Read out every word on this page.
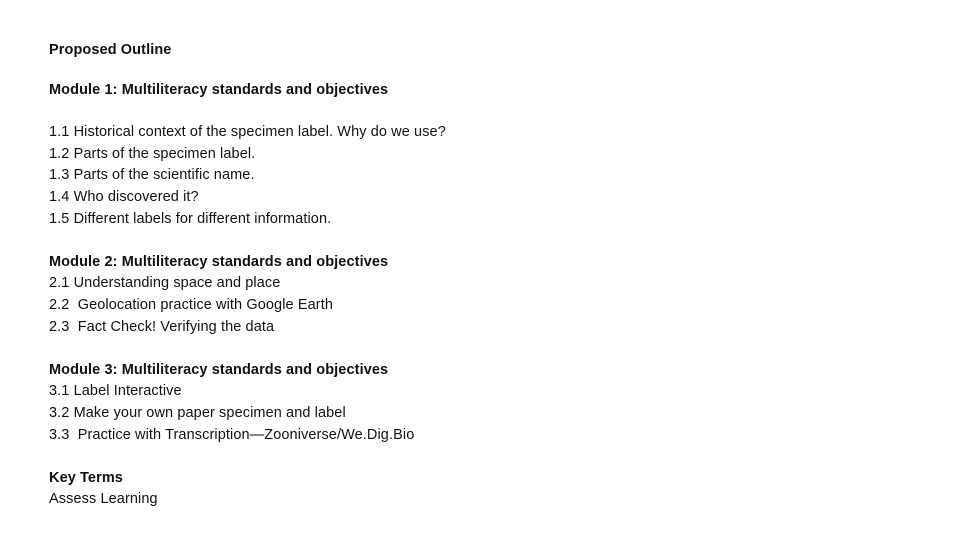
Proposed Outline
Module 1: Multiliteracy standards and objectives
1.1 Historical context of the specimen label. Why do we use?
1.2 Parts of the specimen label.
1.3 Parts of the scientific name.
1.4 Who discovered it?
1.5 Different labels for different information.
Module 2: Multiliteracy standards and objectives
2.1 Understanding space and place
2.2  Geolocation practice with Google Earth
2.3  Fact Check! Verifying the data
Module 3: Multiliteracy standards and objectives
3.1 Label Interactive
3.2 Make your own paper specimen and label
3.3  Practice with Transcription—Zooniverse/We.Dig.Bio
Key Terms
Assess Learning
